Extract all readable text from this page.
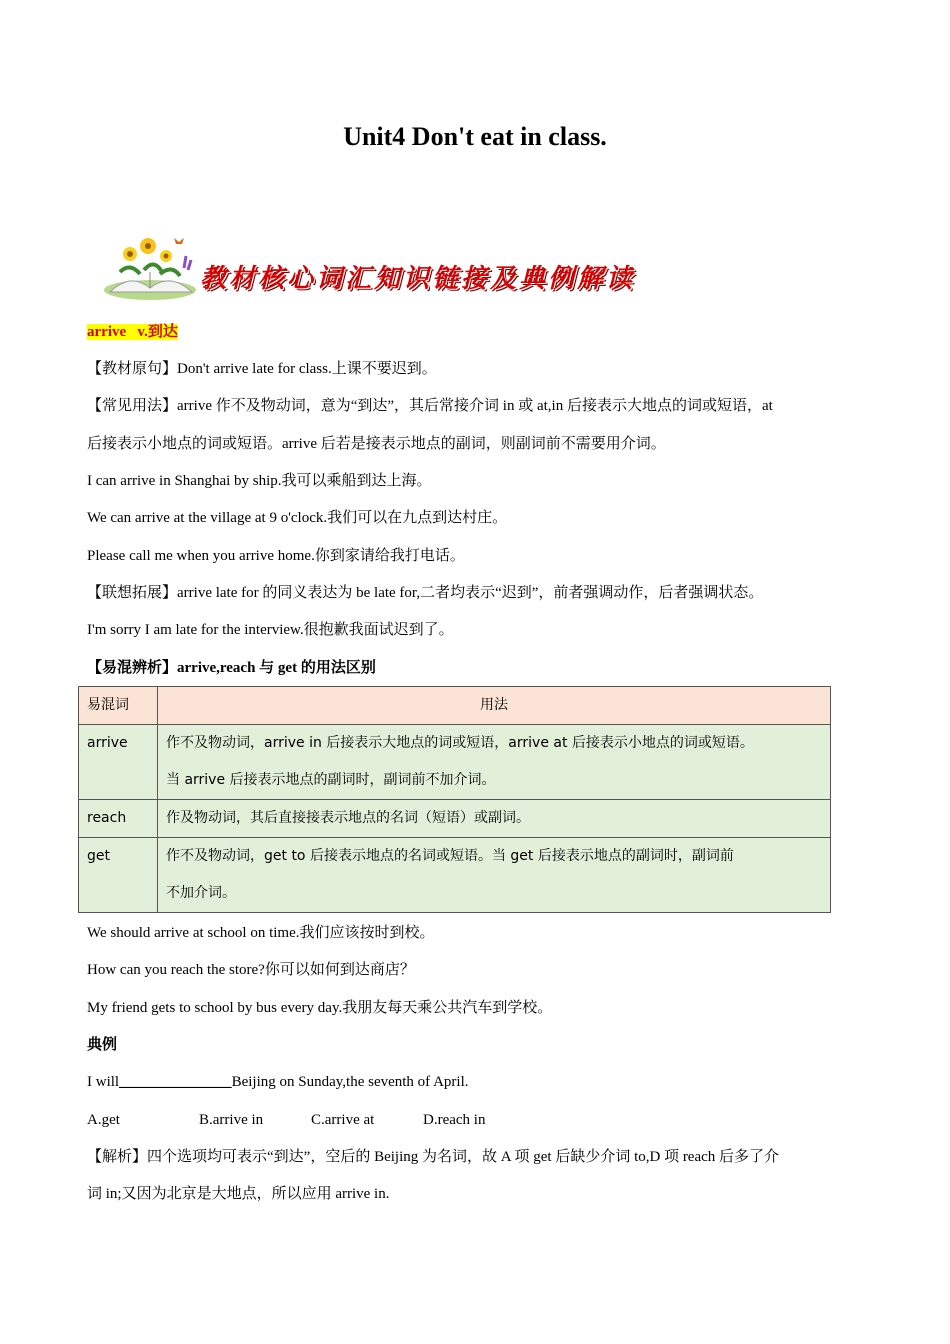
Unit4 Don't eat in class.
教材核心词汇知识链接及典例解读
arrive v.到达
【教材原句】Don't arrive late for class.上课不要迟到。
【常见用法】arrive 作不及物动词，意为“到达”，其后常接介词 in 或 at,in 后接表示大地点的词或短语，at
后接表示小地点的词或短语。arrive 后若是接表示地点的副词，则副词前不需要用介词。
I can arrive in Shanghai by ship.我可以乘船到达上海。
We can arrive at the village at 9 o'clock.我们可以在九点到达村庄。
Please call me when you arrive home.你到家请给我打电话。
【联想拓展】arrive late for 的同义表达为 be late for,二者均表示“迟到”，前者强调动作，后者强调状态。
I'm sorry I am late for the interview.很抱歉我面试迟到了。
【易混辨析】arrive,reach 与 get 的用法区别
易混词	用法
arrive	作不及物动词，arrive in 后接表示大地点的词或短语，arrive at 后接表示小地点的词或短语。
当 arrive 后接表示地点的副词时，副词前不加介词。

reach	作及物动词，其后直接接表示地点的名词（短语）或副词。

get	作不及物动词，get to 后接表示地点的名词或短语。当 get 后接表示地点的副词时，副词前
不加介词。
We should arrive at school on time.我们应该按时到校。
How can you reach the store?你可以如何到达商店？
My friend gets to school by bus every day.我朋友每天乘公共汽车到学校。
典例
I will_______________Beijing on Sunday,the seventh of April.
A.get	B.arrive in	C.arrive at	D.reach in
【解析】四个选项均可表示“到达”，空后的 Beijing 为名词，故 A 项 get 后缺少介词 to,D 项 reach 后多了介
词 in;又因为北京是大地点，所以应用 arrive in.
